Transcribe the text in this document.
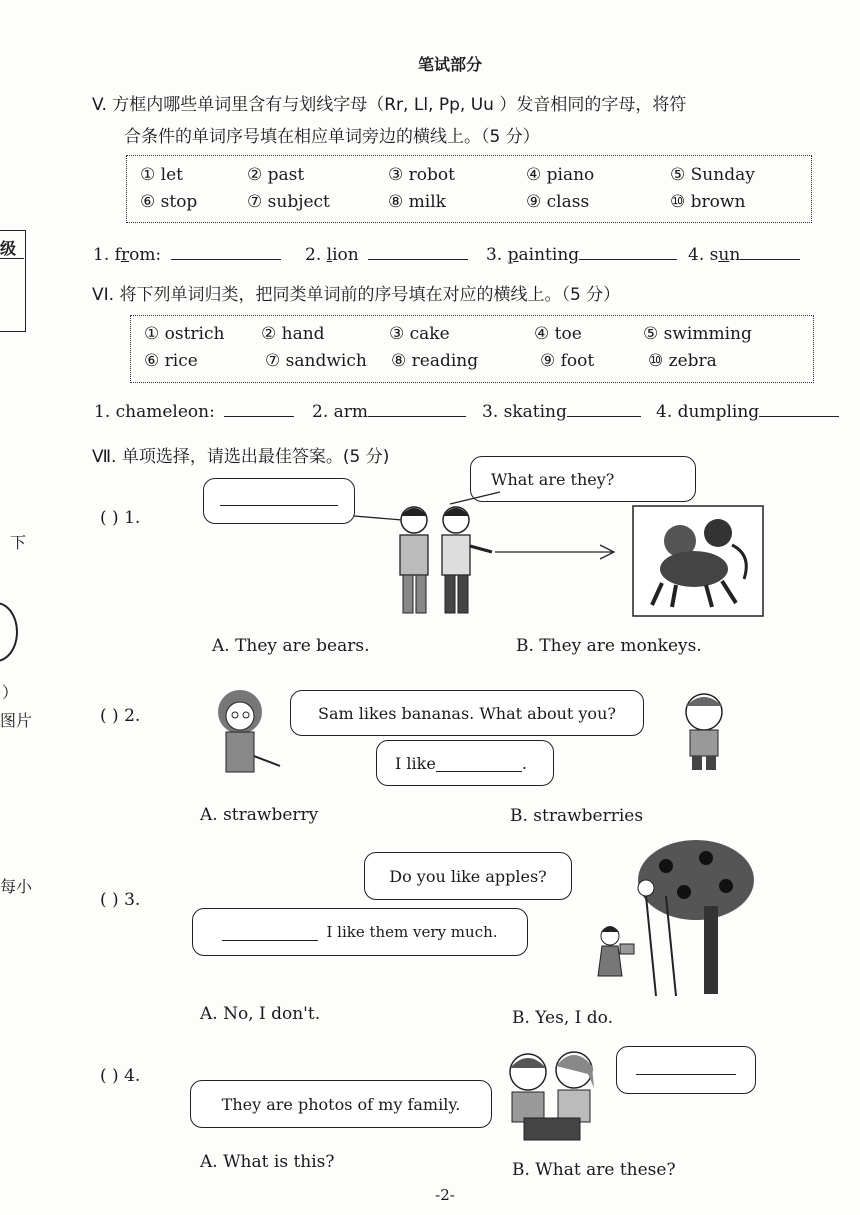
笔试部分
级
下
）
图片
每小
V. 方框内哪些单词里含有与划线字母（Rr, Ll, Pp, Uu ）发音相同的字母，将符
合条件的单词序号填在相应单词旁边的横线上。（5 分）
① let	② past	③ robot	④ piano	⑤ Sunday
⑥ stop	⑦ subject	⑧ milk	⑨ class	⑩ brown
1. from:	2. lion	3. painting	4. sun
VI. 将下列单词归类，把同类单词前的序号填在对应的横线上。（5 分）
① ostrich ② hand	③ cake	④ toe	⑤ swimming
⑥ rice	⑦ sandwich ⑧ reading	⑨ foot	⑩ zebra
1. chameleon:	2. arm	3. skating	4. dumpling
Ⅶ. 单项选择，请选出最佳答案。(5 分)
( ) 1.
What are they?
A. They are bears.	B. They are monkeys.
( ) 2.	Sam likes bananas. What about you?
I like	.
A. strawberry	B. strawberries
( ) 3.
Do you like apples?
I like them very much.
A. No, I don't.	B. Yes, I do.
( ) 4.
They are photos of my family.
A. What is this?	B. What are these?
-2-
